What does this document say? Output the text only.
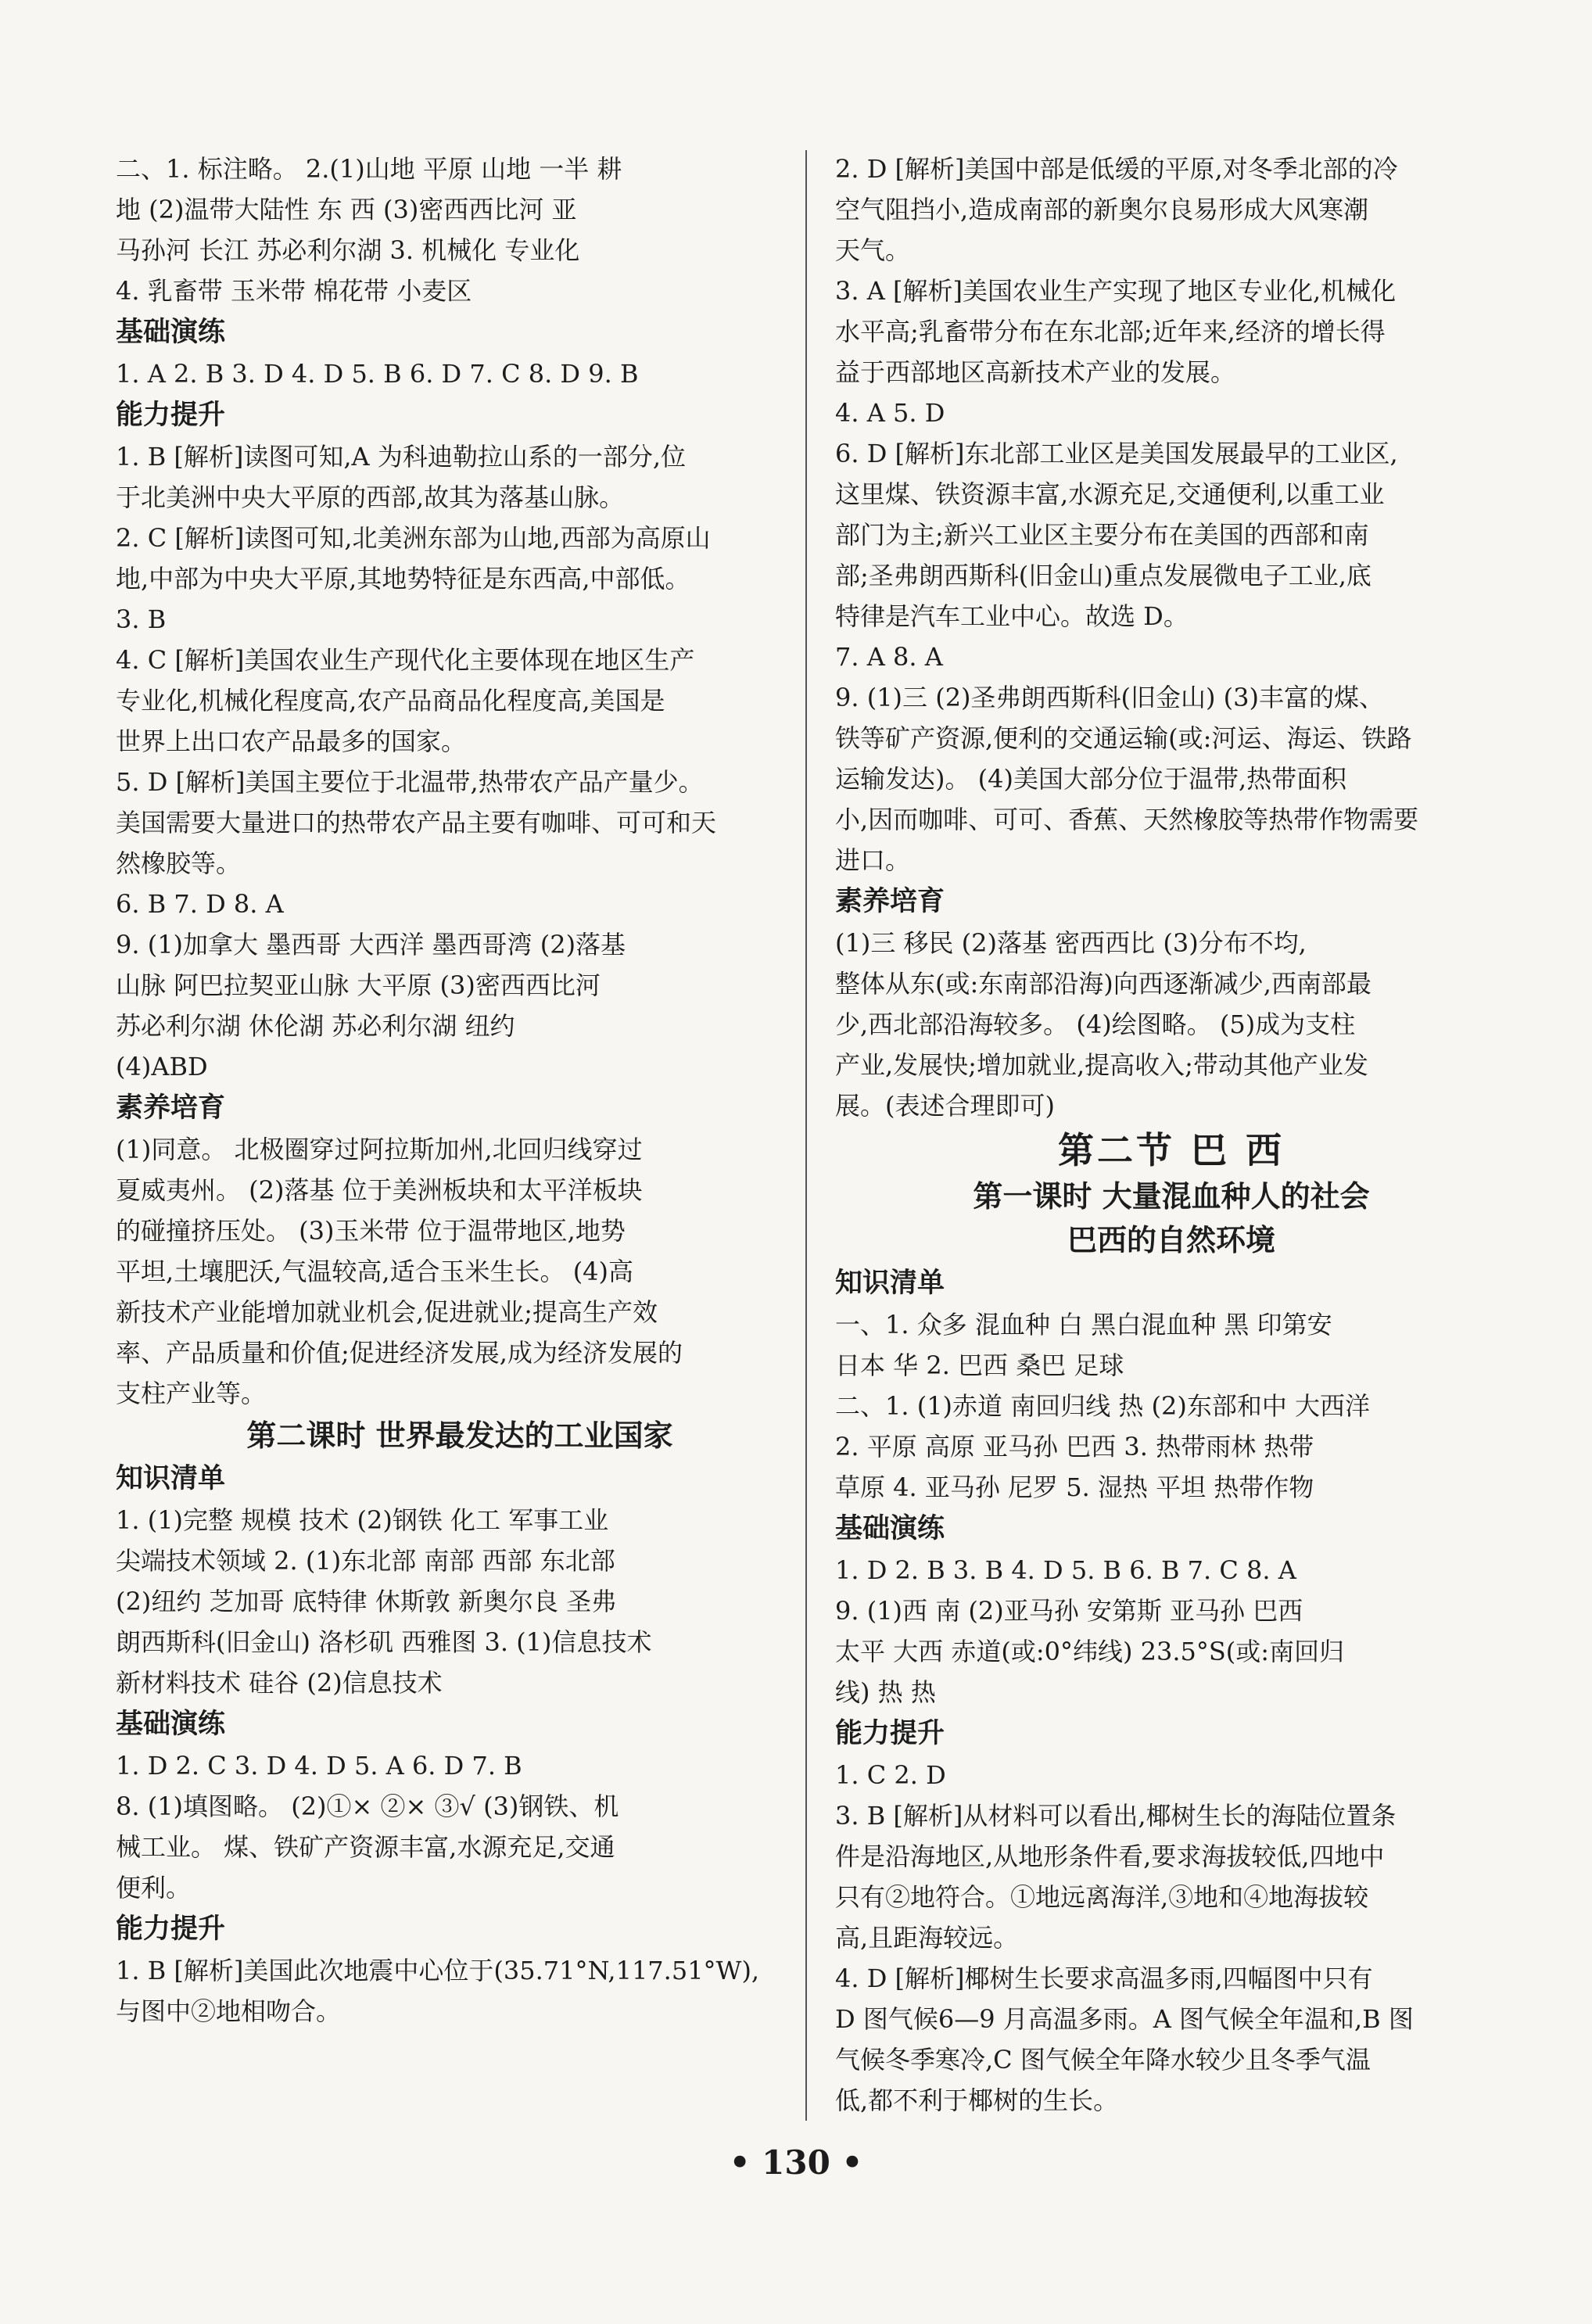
二、1. 标注略。 2.(1)山地 平原 山地 一半 耕
地 (2)温带大陆性 东 西 (3)密西西比河 亚
马孙河 长江 苏必利尔湖 3. 机械化 专业化
4. 乳畜带 玉米带 棉花带 小麦区
基础演练
1. A 2. B 3. D 4. D 5. B 6. D 7. C 8. D 9. B
能力提升
1. B [解析]读图可知,A 为科迪勒拉山系的一部分,位
于北美洲中央大平原的西部,故其为落基山脉。
2. C [解析]读图可知,北美洲东部为山地,西部为高原山
地,中部为中央大平原,其地势特征是东西高,中部低。
3. B
4. C [解析]美国农业生产现代化主要体现在地区生产
专业化,机械化程度高,农产品商品化程度高,美国是
世界上出口农产品最多的国家。
5. D [解析]美国主要位于北温带,热带农产品产量少。
美国需要大量进口的热带农产品主要有咖啡、可可和天
然橡胶等。
6. B 7. D 8. A
9. (1)加拿大 墨西哥 大西洋 墨西哥湾 (2)落基
山脉 阿巴拉契亚山脉 大平原 (3)密西西比河
苏必利尔湖 休伦湖 苏必利尔湖 纽约
(4)ABD
素养培育
(1)同意。 北极圈穿过阿拉斯加州,北回归线穿过
夏威夷州。 (2)落基 位于美洲板块和太平洋板块
的碰撞挤压处。 (3)玉米带 位于温带地区,地势
平坦,土壤肥沃,气温较高,适合玉米生长。 (4)高
新技术产业能增加就业机会,促进就业;提高生产效
率、产品质量和价值;促进经济发展,成为经济发展的
支柱产业等。
第二课时 世界最发达的工业国家
知识清单
1. (1)完整 规模 技术 (2)钢铁 化工 军事工业
尖端技术领域 2. (1)东北部 南部 西部 东北部
(2)纽约 芝加哥 底特律 休斯敦 新奥尔良 圣弗
朗西斯科(旧金山) 洛杉矶 西雅图 3. (1)信息技术
新材料技术 硅谷 (2)信息技术
基础演练
1. D 2. C 3. D 4. D 5. A 6. D 7. B
8. (1)填图略。 (2)①× ②× ③√ (3)钢铁、机
械工业。 煤、铁矿产资源丰富,水源充足,交通
便利。
能力提升
1. B [解析]美国此次地震中心位于(35.71°N,117.51°W),
与图中②地相吻合。
2. D [解析]美国中部是低缓的平原,对冬季北部的冷
空气阻挡小,造成南部的新奥尔良易形成大风寒潮
天气。
3. A [解析]美国农业生产实现了地区专业化,机械化
水平高;乳畜带分布在东北部;近年来,经济的增长得
益于西部地区高新技术产业的发展。
4. A 5. D
6. D [解析]东北部工业区是美国发展最早的工业区,
这里煤、铁资源丰富,水源充足,交通便利,以重工业
部门为主;新兴工业区主要分布在美国的西部和南
部;圣弗朗西斯科(旧金山)重点发展微电子工业,底
特律是汽车工业中心。故选 D。
7. A 8. A
9. (1)三 (2)圣弗朗西斯科(旧金山) (3)丰富的煤、
铁等矿产资源,便利的交通运输(或:河运、海运、铁路
运输发达)。 (4)美国大部分位于温带,热带面积
小,因而咖啡、可可、香蕉、天然橡胶等热带作物需要
进口。
素养培育
(1)三 移民 (2)落基 密西西比 (3)分布不均,
整体从东(或:东南部沿海)向西逐渐减少,西南部最
少,西北部沿海较多。 (4)绘图略。 (5)成为支柱
产业,发展快;增加就业,提高收入;带动其他产业发
展。(表述合理即可)
第二节 巴 西
第一课时 大量混血种人的社会
巴西的自然环境
知识清单
一、1. 众多 混血种 白 黑白混血种 黑 印第安
日本 华 2. 巴西 桑巴 足球
二、1. (1)赤道 南回归线 热 (2)东部和中 大西洋
2. 平原 高原 亚马孙 巴西 3. 热带雨林 热带
草原 4. 亚马孙 尼罗 5. 湿热 平坦 热带作物
基础演练
1. D 2. B 3. B 4. D 5. B 6. B 7. C 8. A
9. (1)西 南 (2)亚马孙 安第斯 亚马孙 巴西
太平 大西 赤道(或:0°纬线) 23.5°S(或:南回归
线) 热 热
能力提升
1. C 2. D
3. B [解析]从材料可以看出,椰树生长的海陆位置条
件是沿海地区,从地形条件看,要求海拔较低,四地中
只有②地符合。①地远离海洋,③地和④地海拔较
高,且距海较远。
4. D [解析]椰树生长要求高温多雨,四幅图中只有
D 图气候6—9 月高温多雨。A 图气候全年温和,B 图
气候冬季寒冷,C 图气候全年降水较少且冬季气温
低,都不利于椰树的生长。
• 130 •
